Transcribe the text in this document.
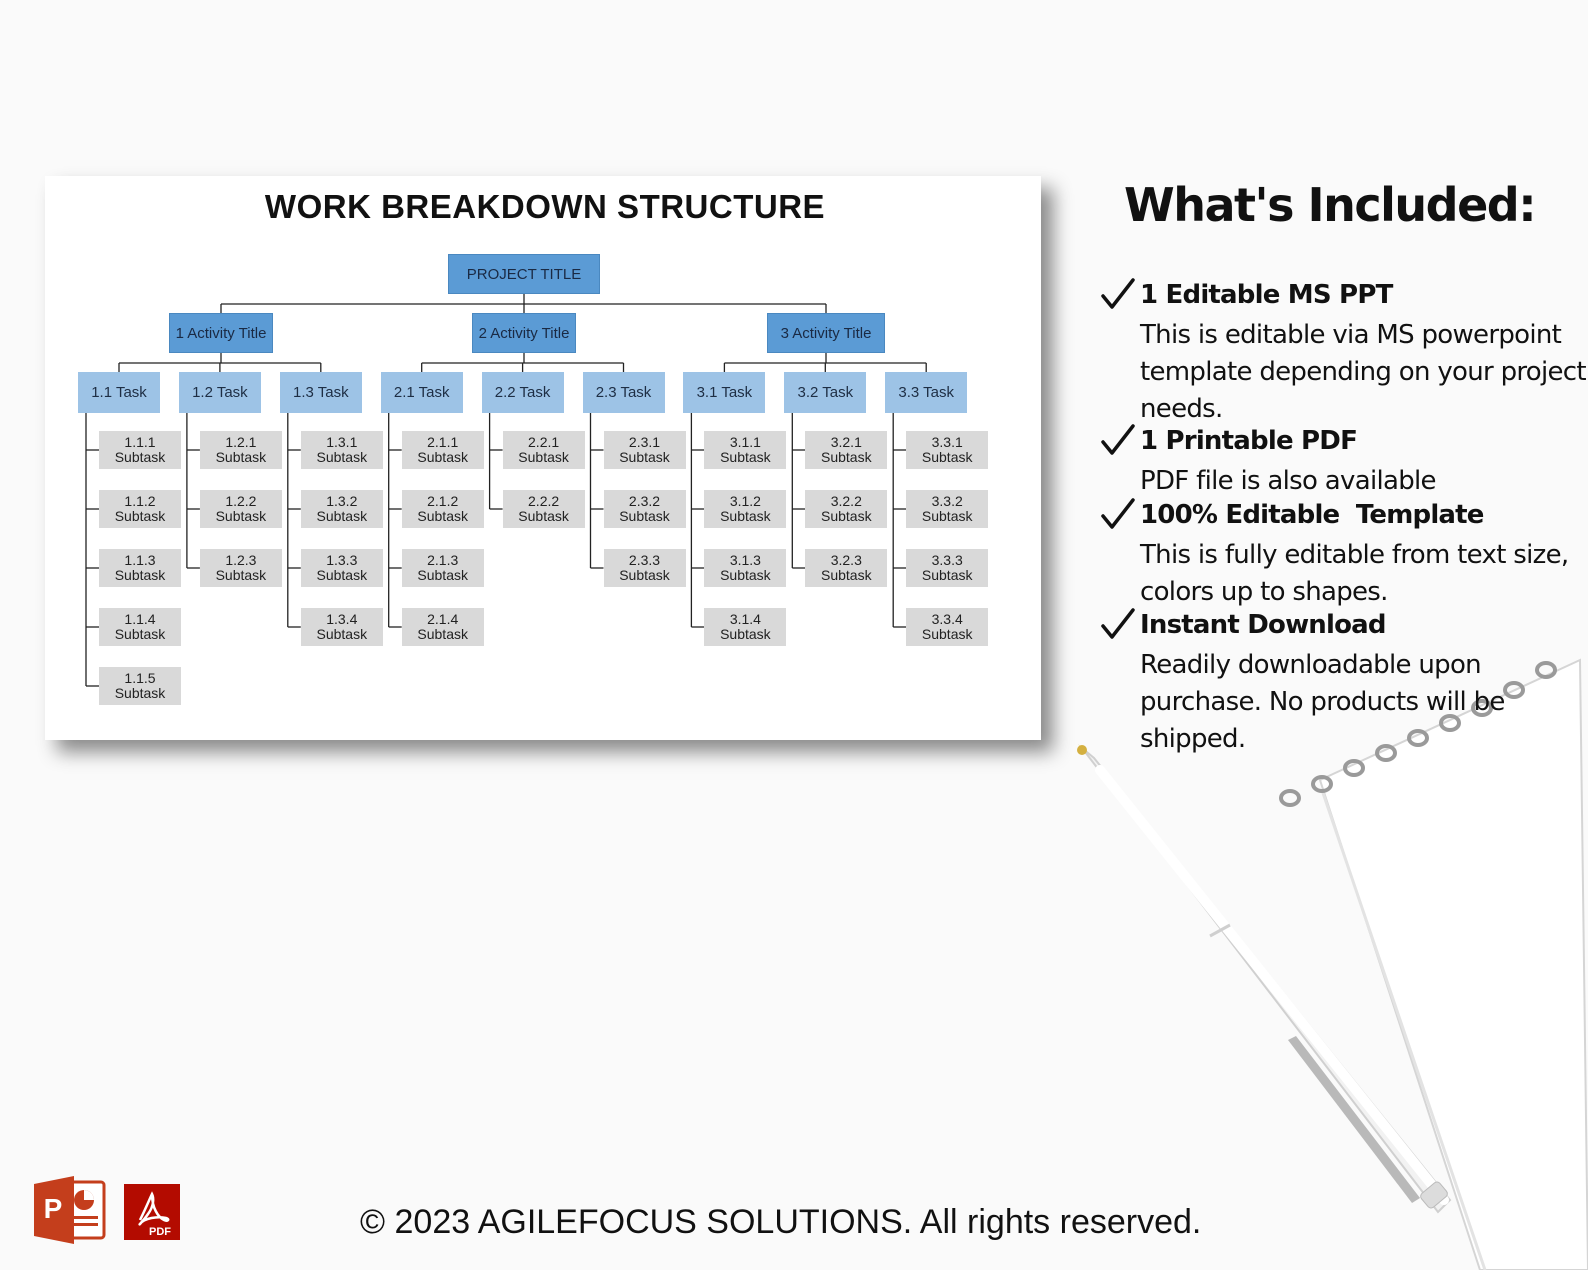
WORK BREAKDOWN STRUCTURE
PROJECT TITLE
1 Activity Title
1.1 Task
1.1.1
Subtask
1.1.2
Subtask
1.1.3
Subtask
1.1.4
Subtask
1.1.5
Subtask
1.2 Task
1.2.1
Subtask
1.2.2
Subtask
1.2.3
Subtask
1.3 Task
1.3.1
Subtask
1.3.2
Subtask
1.3.3
Subtask
1.3.4
Subtask
2 Activity Title
2.1 Task
2.1.1
Subtask
2.1.2
Subtask
2.1.3
Subtask
2.1.4
Subtask
2.2 Task
2.2.1
Subtask
2.2.2
Subtask
2.3 Task
2.3.1
Subtask
2.3.2
Subtask
2.3.3
Subtask
3 Activity Title
3.1 Task
3.1.1
Subtask
3.1.2
Subtask
3.1.3
Subtask
3.1.4
Subtask
3.2 Task
3.2.1
Subtask
3.2.2
Subtask
3.2.3
Subtask
3.3 Task
3.3.1
Subtask
3.3.2
Subtask
3.3.3
Subtask
3.3.4
Subtask
What's Included:
1 Editable MS PPT
This is editable via MS powerpoint template depending on your project needs.
1 Printable PDF
PDF file is also available
100% Editable  Template
This is fully editable from text size, colors up to shapes.
Instant Download
Readily downloadable upon purchase. No products will be shipped.
P
PDF	© 2023 AGILEFOCUS SOLUTIONS. All rights reserved.
